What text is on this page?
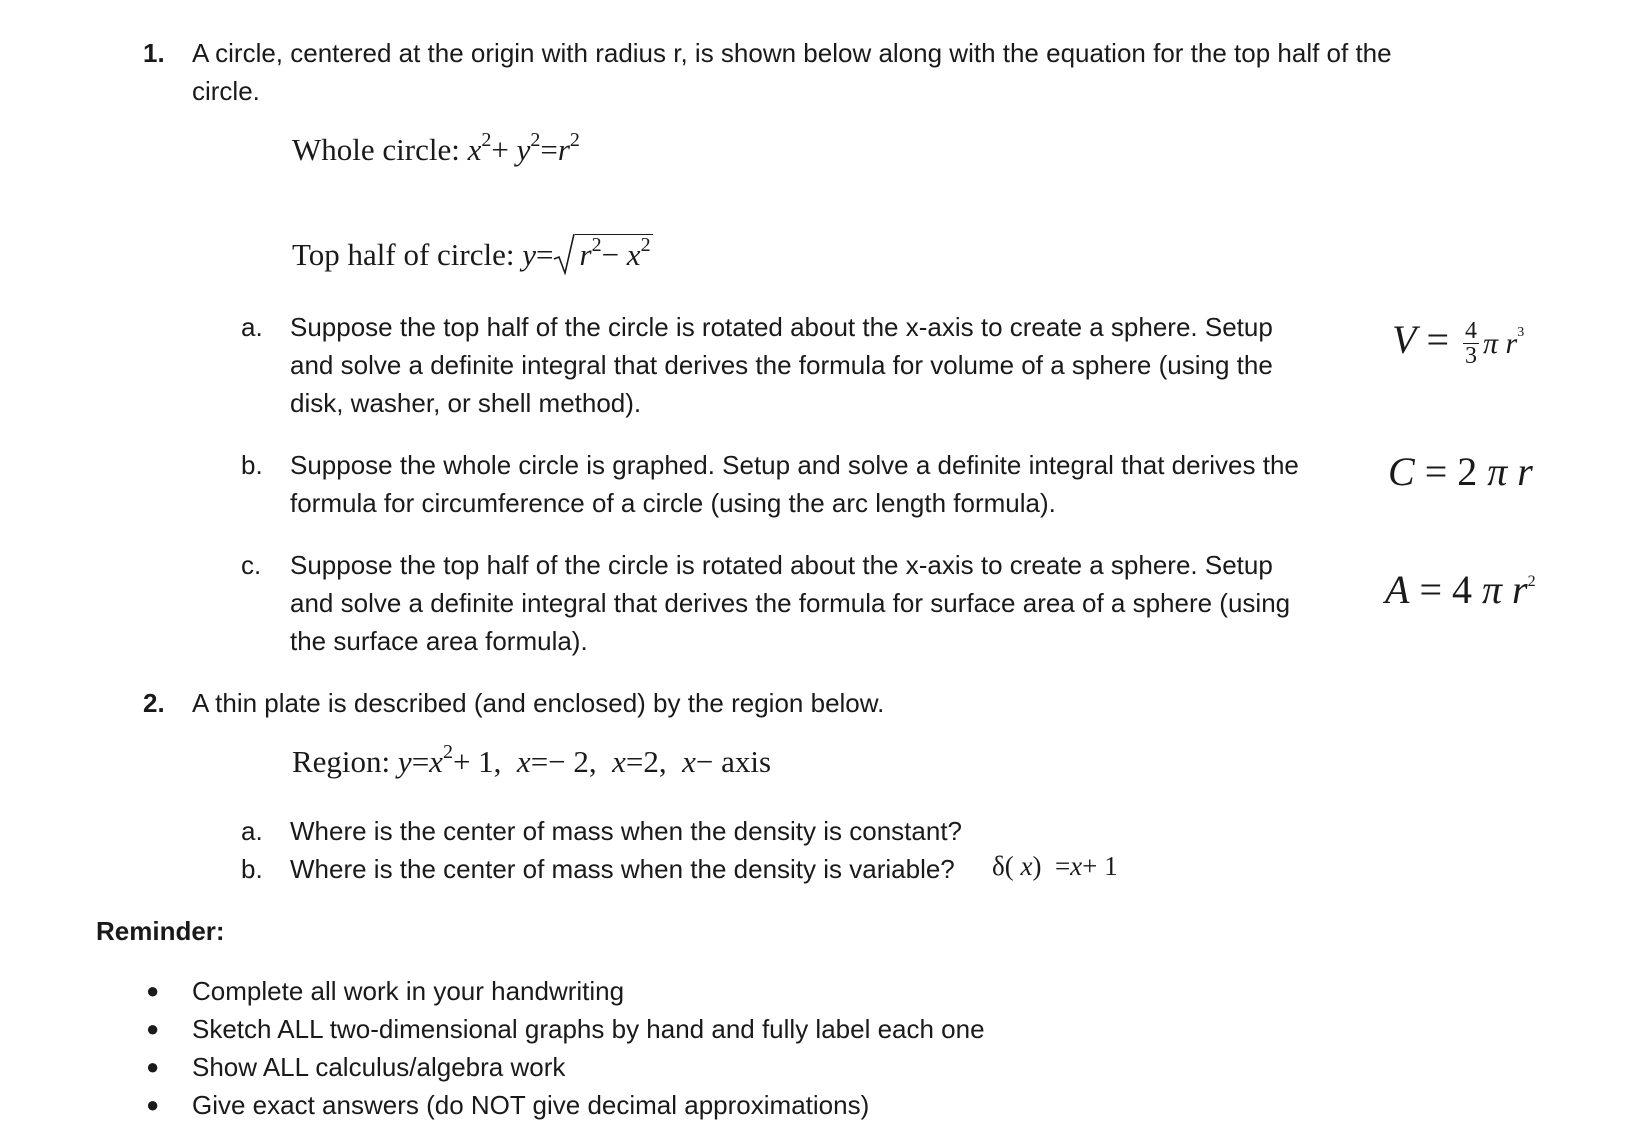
1. A circle, centered at the origin with radius r, is shown below along with the equation for the top half of the
circle.
Whole circle: $x^2+ y^2=r^2$
Top half of circle: $y= r^2- x^2$
a. Suppose the top half of the circle is rotated about the x-axis to create a sphere. Setup
and solve a definite integral that derives the formula for volume of a sphere (using the
disk, washer, or shell method).
$V = \frac{4}{3}$ π $r^3$
b. Suppose the whole circle is graphed. Setup and solve a definite integral that derives the
formula for circumference of a circle (using the arc length formula).
C = 2 π r
c. Suppose the top half of the circle is rotated about the x-axis to create a sphere. Setup
and solve a definite integral that derives the formula for surface area of a sphere (using
the surface area formula).
A = 4 π $r^2$
2. A thin plate is described (and enclosed) by the region below.
Region: $y=x^2+ 1$,  x=− 2,  x=2,  x− axis
a. Where is the center of mass when the density is constant?
b. Where is the center of mass when the density is variable? δ( x)  =x+ 1
Reminder:
● Complete all work in your handwriting
● Sketch ALL two-dimensional graphs by hand and fully label each one
● Show ALL calculus/algebra work
● Give exact answers (do NOT give decimal approximations)
